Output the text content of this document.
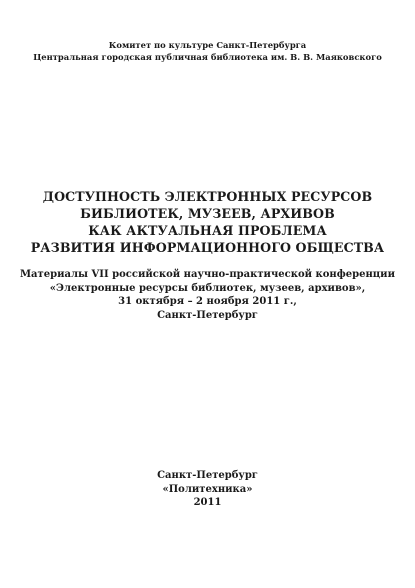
Комитет по культуре Санкт-Петербурга
Центральная городская публичная библиотека им. В. В. Маяковского
ДОСТУПНОСТЬ ЭЛЕКТРОННЫХ РЕСУРСОВ
БИБЛИОТЕК, МУЗЕЕВ, АРХИВОВ
КАК АКТУАЛЬНАЯ ПРОБЛЕМА
РАЗВИТИЯ ИНФОРМАЦИОННОГО ОБЩЕСТВА
Материалы VII российской научно-практической конференции
«Электронные ресурсы библиотек, музеев, архивов»,
31 октября – 2 ноября 2011 г.,
Санкт-Петербург
Санкт-Петербург
«Политехника»
2011
